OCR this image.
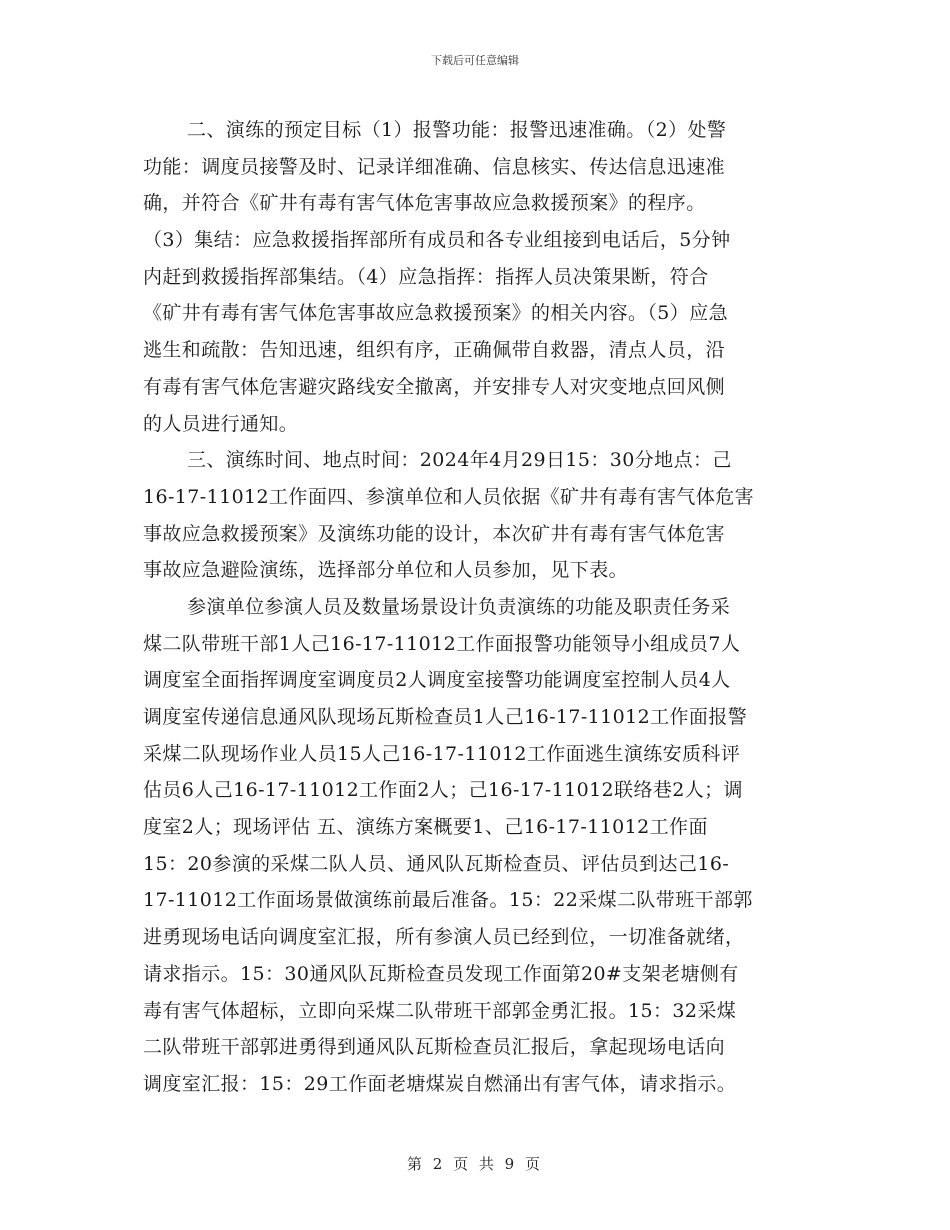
下载后可任意编辑
二、演练的预定目标（1）报警功能：报警迅速准确。（2）处警
功能：调度员接警及时、记录详细准确、信息核实、传达信息迅速准
确，并符合《矿井有毒有害气体危害事故应急救援预案》的程序。
（3）集结：应急救援指挥部所有成员和各专业组接到电话后，5分钟
内赶到救援指挥部集结。（4）应急指挥：指挥人员决策果断，符合
《矿井有毒有害气体危害事故应急救援预案》的相关内容。（5）应急
逃生和疏散：告知迅速，组织有序，正确佩带自救器，清点人员，沿
有毒有害气体危害避灾路线安全撤离，并安排专人对灾变地点回风侧
的人员进行通知。
三、演练时间、地点时间：2024年4月29日15：30分地点：己
16-17-11012工作面四、参演单位和人员依据《矿井有毒有害气体危害
事故应急救援预案》及演练功能的设计，本次矿井有毒有害气体危害
事故应急避险演练，选择部分单位和人员参加，见下表。
参演单位参演人员及数量场景设计负责演练的功能及职责任务采
煤二队带班干部1人己16-17-11012工作面报警功能领导小组成员7人
调度室全面指挥调度室调度员2人调度室接警功能调度室控制人员4人
调度室传递信息通风队现场瓦斯检查员1人己16-17-11012工作面报警
采煤二队现场作业人员15人己16-17-11012工作面逃生演练安质科评
估员6人己16-17-11012工作面2人；己16-17-11012联络巷2人；调
度室2人；现场评估 五、演练方案概要1、己16-17-11012工作面
15：20参演的采煤二队人员、通风队瓦斯检查员、评估员到达己16-
17-11012工作面场景做演练前最后准备。15：22采煤二队带班干部郭
进勇现场电话向调度室汇报，所有参演人员已经到位，一切准备就绪，
请求指示。15：30通风队瓦斯检查员发现工作面第20#支架老塘侧有
毒有害气体超标，立即向采煤二队带班干部郭金勇汇报。15：32采煤
二队带班干部郭进勇得到通风队瓦斯检查员汇报后，拿起现场电话向
调度室汇报：15：29工作面老塘煤炭自燃涌出有害气体，请求指示。
第 2 页 共 9 页
